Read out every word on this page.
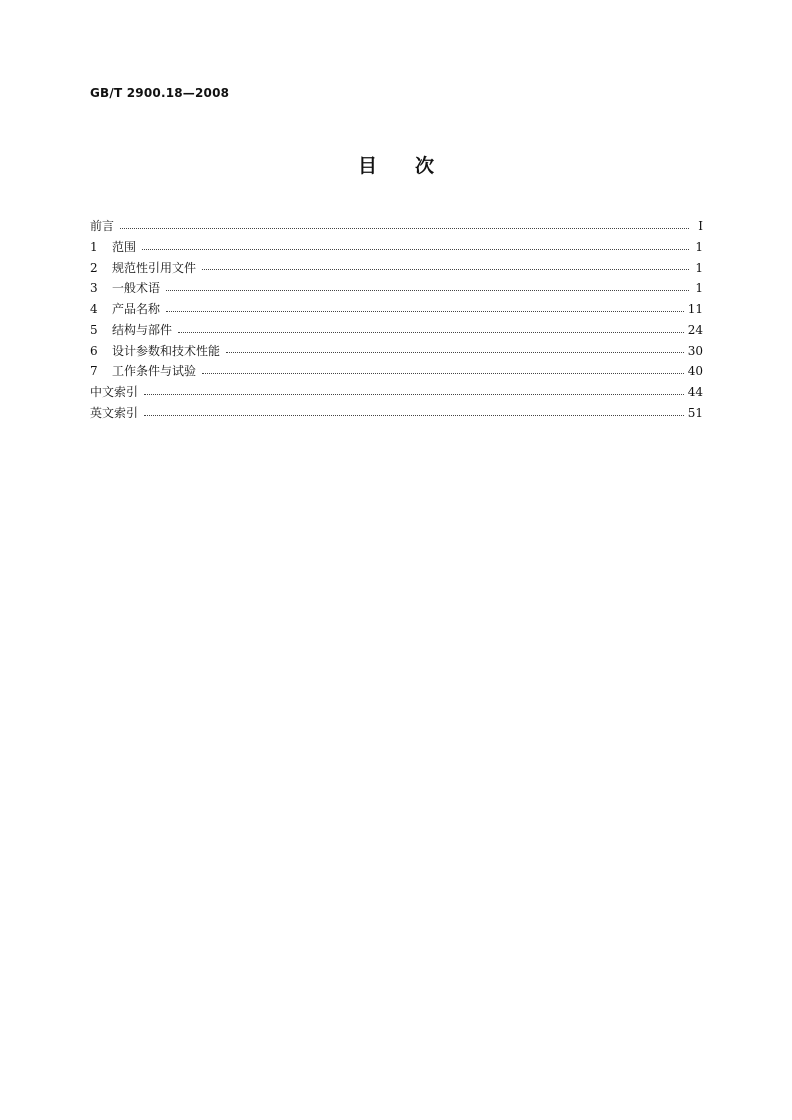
GB/T 2900.18—2008
目次
前言	I
1	范围	1
2	规范性引用文件	1
3	一般术语	1
4	产品名称	11
5	结构与部件	24
6	设计参数和技术性能	30
7	工作条件与试验	40
中文索引	44
英文索引	51
